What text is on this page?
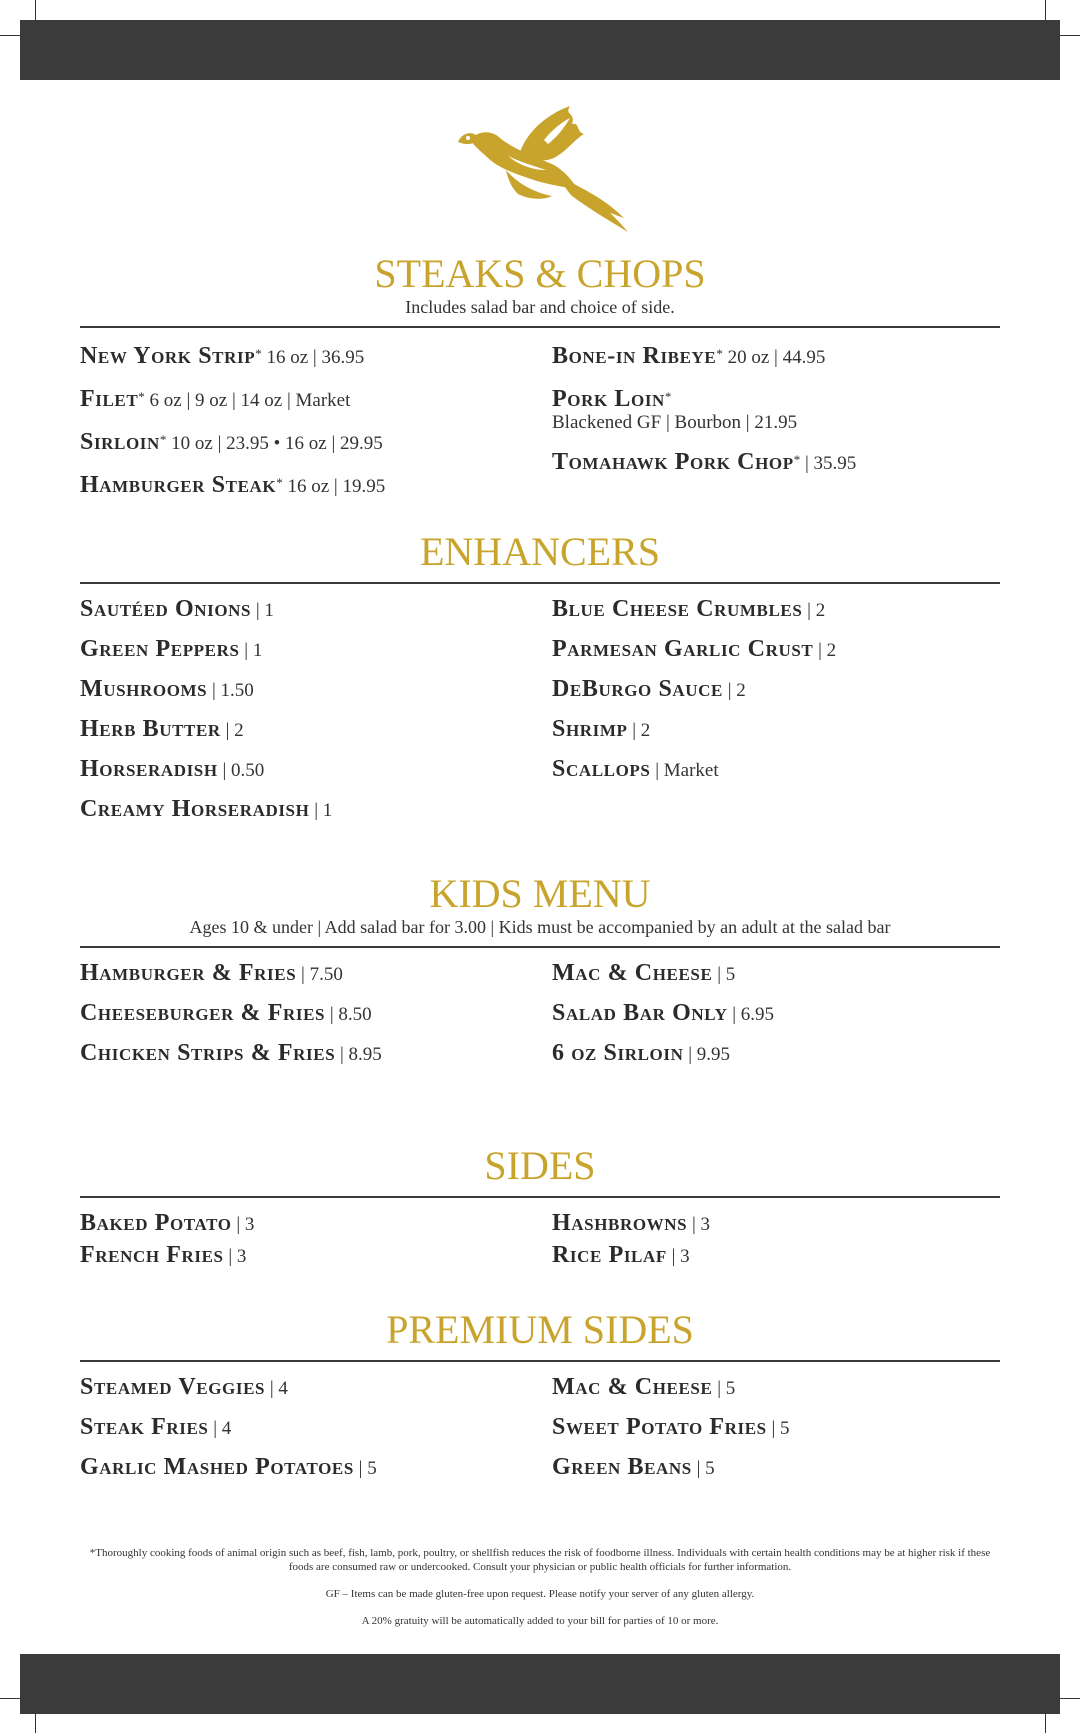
STEAKS & CHOPS
Includes salad bar and choice of side.
New York Strip* 16 oz | 36.95
Filet* 6 oz | 9 oz | 14 oz | Market
Sirloin* 10 oz | 23.95 • 16 oz | 29.95
Hamburger Steak* 16 oz | 19.95
Bone-in Ribeye* 20 oz | 44.95
Pork Loin*
Blackened GF | Bourbon | 21.95
Tomahawk Pork Chop* | 35.95
ENHANCERS
Sautéed Onions | 1
Green Peppers | 1
Mushrooms | 1.50
Herb Butter | 2
Horseradish | 0.50
Creamy Horseradish | 1
Blue Cheese Crumbles | 2
Parmesan Garlic Crust | 2
DeBurgo Sauce | 2
Shrimp | 2
Scallops | Market
KIDS MENU
Ages 10 & under | Add salad bar for 3.00 | Kids must be accompanied by an adult at the salad bar
Hamburger & Fries | 7.50
Cheeseburger & Fries | 8.50
Chicken Strips & Fries | 8.95
Mac & Cheese | 5
Salad Bar Only | 6.95
6 oz Sirloin | 9.95
SIDES
Baked Potato | 3
French Fries | 3
Hashbrowns | 3
Rice Pilaf | 3
PREMIUM SIDES
Steamed Veggies | 4
Steak Fries | 4
Garlic Mashed Potatoes | 5
Mac & Cheese | 5
Sweet Potato Fries | 5
Green Beans | 5

*Thoroughly cooking foods of animal origin such as beef, fish, lamb, pork, poultry, or shellfish reduces the risk of foodborne illness. Individuals with certain health conditions may be at higher risk if these foods are consumed raw or undercooked. Consult your physician or public health officials for further information.

GF – Items can be made gluten-free upon request. Please notify your server of any gluten allergy.

A 20% gratuity will be automatically added to your bill for parties of 10 or more.
